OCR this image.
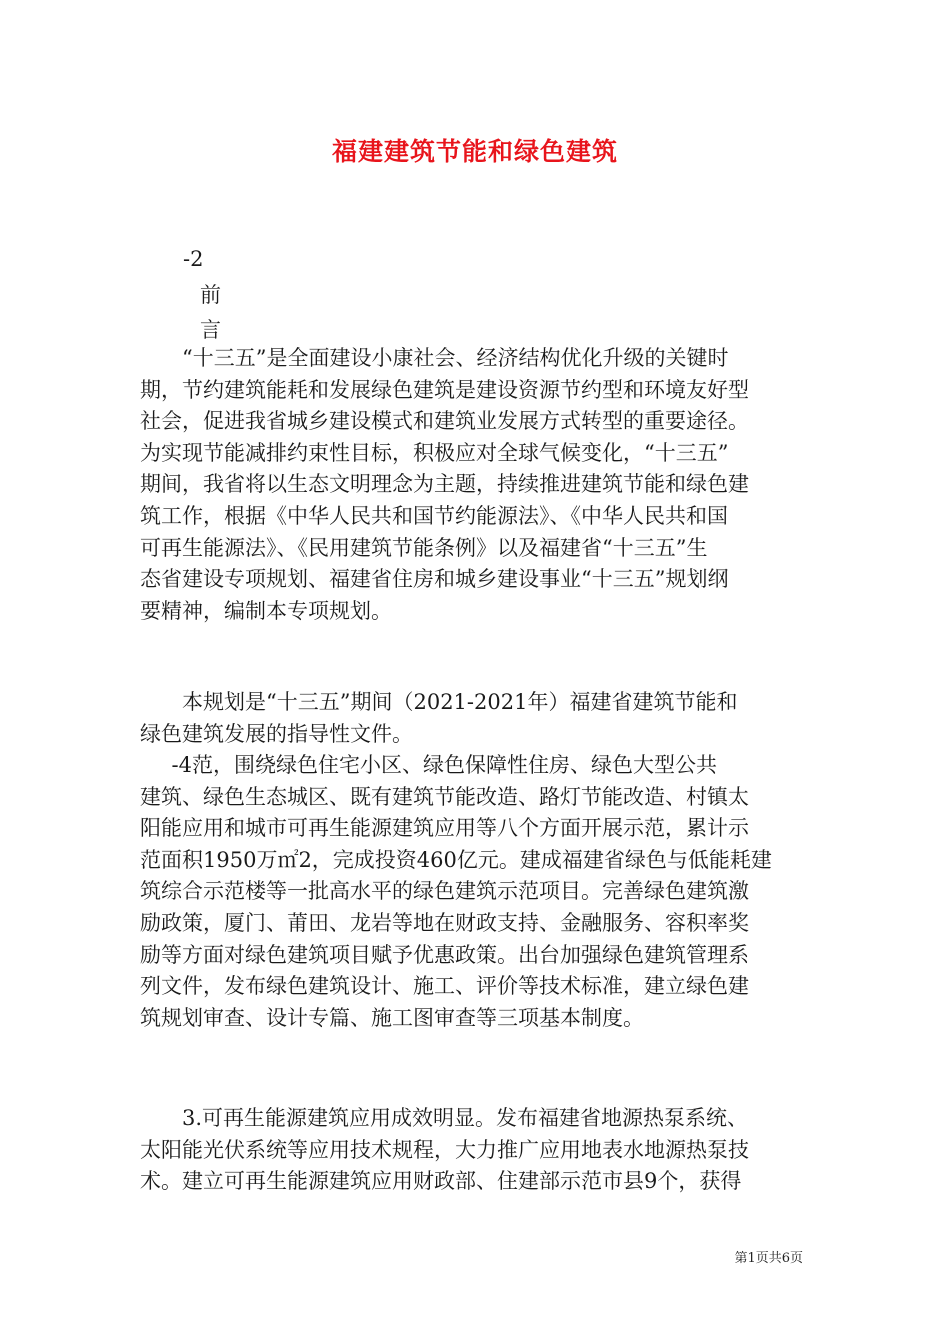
福建建筑节能和绿色建筑

-2

前

言

“十三五”是全面建设小康社会、经济结构优化升级的关键时
期，节约建筑能耗和发展绿色建筑是建设资源节约型和环境友好型
社会，促进我省城乡建设模式和建筑业发展方式转型的重要途径。
为实现节能减排约束性目标，积极应对全球气候变化，“十三五”
期间，我省将以生态文明理念为主题，持续推进建筑节能和绿色建
筑工作，根据《中华人民共和国节约能源法》、《中华人民共和国
可再生能源法》、《民用建筑节能条例》以及福建省“十三五”生
态省建设专项规划、福建省住房和城乡建设事业“十三五”规划纲
要精神，编制本专项规划。

本规划是“十三五”期间（2021-2021年）福建省建筑节能和
绿色建筑发展的指导性文件。

-4范，围绕绿色住宅小区、绿色保障性住房、绿色大型公共
建筑、绿色生态城区、既有建筑节能改造、路灯节能改造、村镇太
阳能应用和城市可再生能源建筑应用等八个方面开展示范，累计示
范面积1950万㎡2，完成投资460亿元。建成福建省绿色与低能耗建
筑综合示范楼等一批高水平的绿色建筑示范项目。完善绿色建筑激
励政策，厦门、莆田、龙岩等地在财政支持、金融服务、容积率奖
励等方面对绿色建筑项目赋予优惠政策。出台加强绿色建筑管理系
列文件，发布绿色建筑设计、施工、评价等技术标准，建立绿色建
筑规划审查、设计专篇、施工图审查等三项基本制度。

3.可再生能源建筑应用成效明显。发布福建省地源热泵系统、
太阳能光伏系统等应用技术规程，大力推广应用地表水地源热泵技
术。建立可再生能源建筑应用财政部、住建部示范市县9个，获得

第1页共6页
